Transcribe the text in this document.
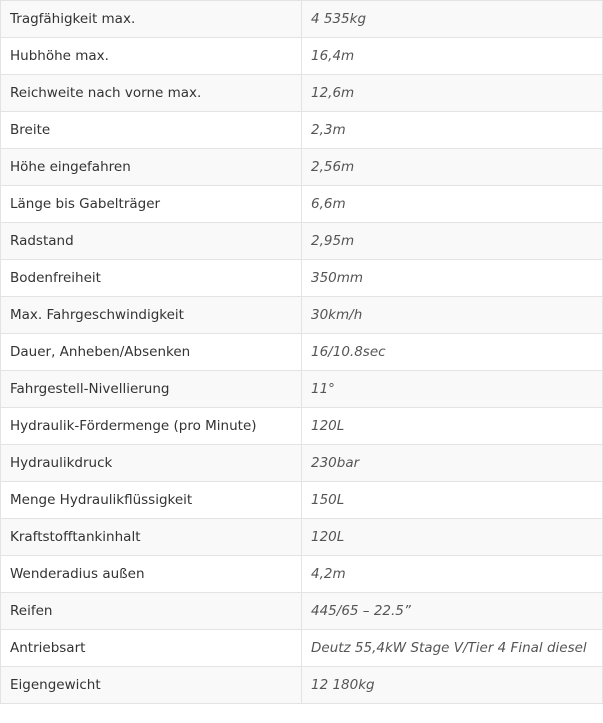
Tragfähigkeit max.	4 535kg
Hubhöhe max.	16,4m
Reichweite nach vorne max.	12,6m
Breite	2,3m
Höhe eingefahren	2,56m
Länge bis Gabelträger	6,6m
Radstand	2,95m
Bodenfreiheit	350mm
Max. Fahrgeschwindigkeit	30km/h
Dauer, Anheben/Absenken	16/10.8sec
Fahrgestell-Nivellierung	11°
Hydraulik-Fördermenge (pro Minute)	120L
Hydraulikdruck	230bar
Menge Hydraulikflüssigkeit	150L
Kraftstofftankinhalt	120L
Wenderadius außen	4,2m
Reifen	445/65 – 22.5”
Antriebsart	Deutz 55,4kW Stage V/Tier 4 Final diesel
Eigengewicht	12 180kg
